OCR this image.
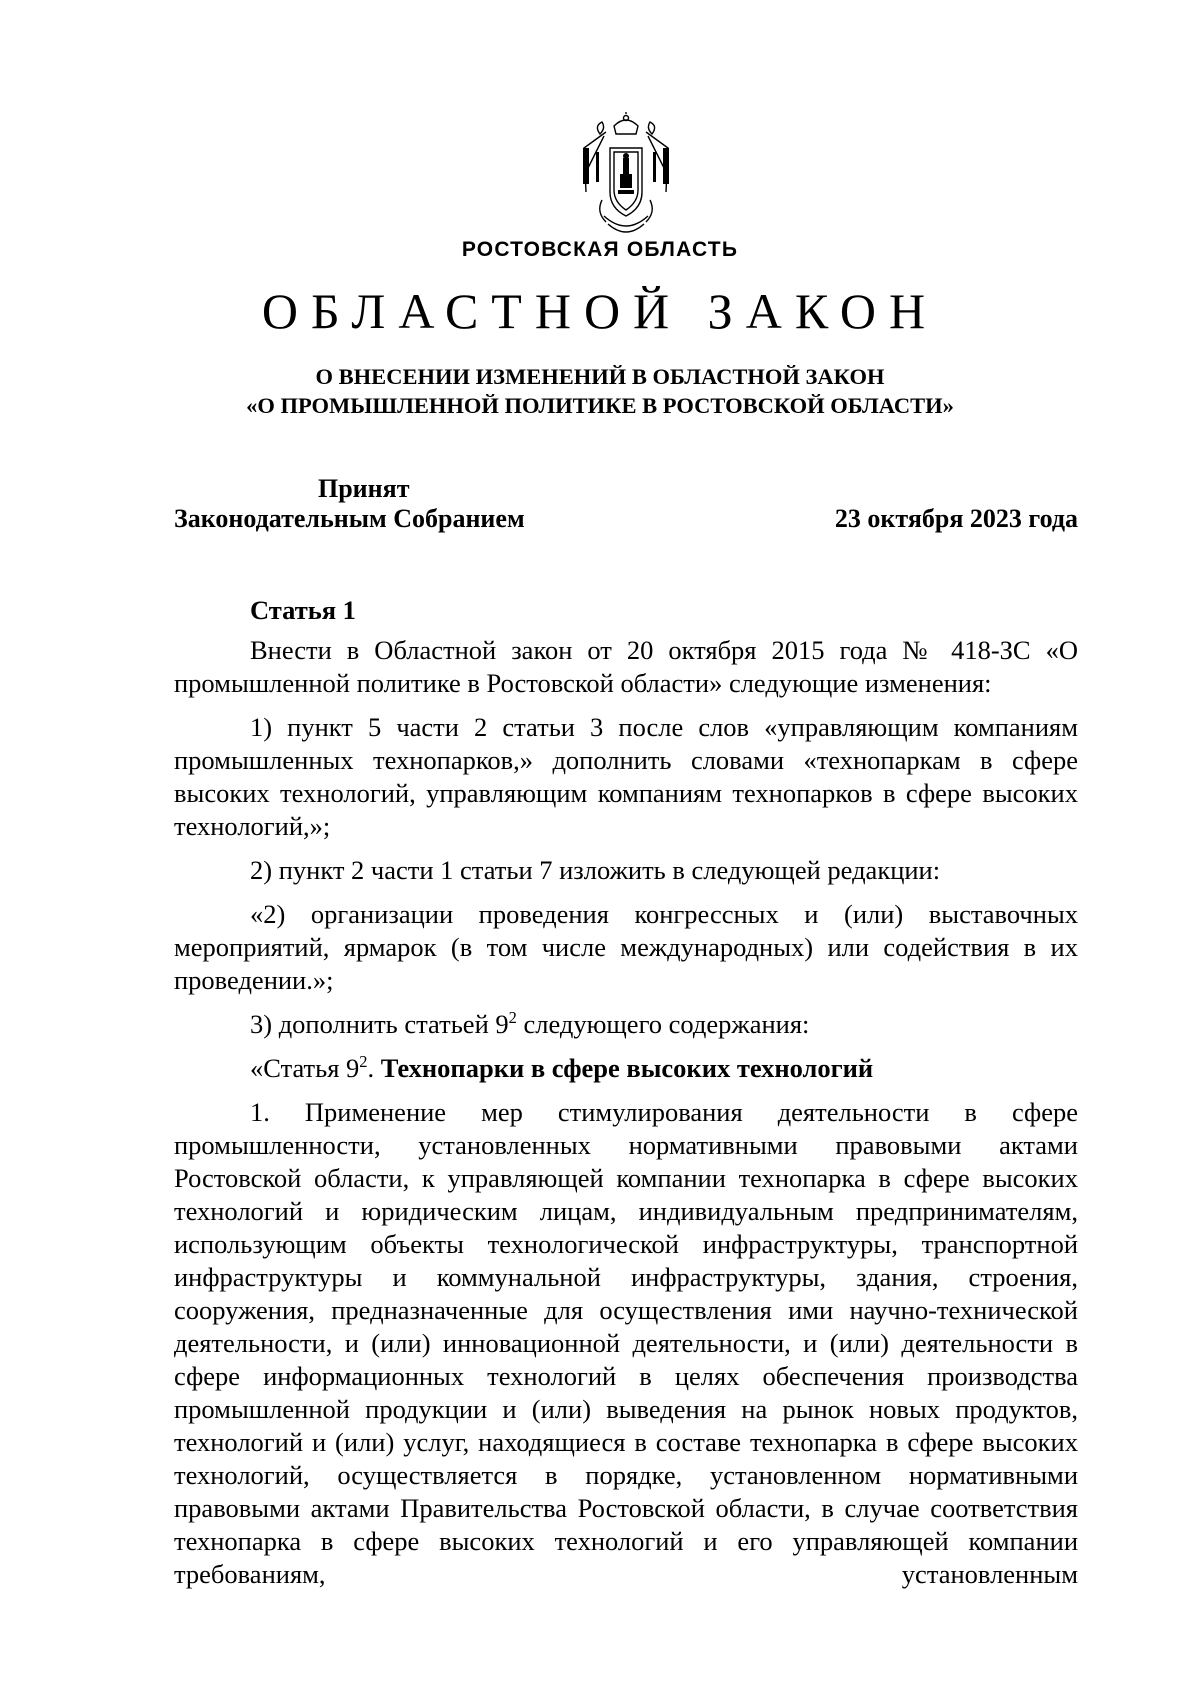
РОСТОВСКАЯ ОБЛАСТЬ
ОБЛАСТНОЙ ЗАКОН
О ВНЕСЕНИИ ИЗМЕНЕНИЙ В ОБЛАСТНОЙ ЗАКОН
«О ПРОМЫШЛЕННОЙ ПОЛИТИКЕ В РОСТОВСКОЙ ОБЛАСТИ»
Принят
Законодательным Собранием	23 октября 2023 года

Статья 1

Внести в Областной закон от 20 октября 2015 года № 418-ЗС «О промышленной политике в Ростовской области» следующие изменения:

1) пункт 5 части 2 статьи 3 после слов «управляющим компаниям промышленных технопарков,» дополнить словами «технопаркам в сфере высоких технологий, управляющим компаниям технопарков в сфере высоких технологий,»;

2) пункт 2 части 1 статьи 7 изложить в следующей редакции:

«2) организации проведения конгрессных и (или) выставочных мероприятий, ярмарок (в том числе международных) или содействия в их проведении.»;

3) дополнить статьей $9^2$ следующего содержания:

«Статья $9^2$. Технопарки в сфере высоких технологий

1. Применение мер стимулирования деятельности в сфере промышленности, установленных нормативными правовыми актами Ростовской области, к управляющей компании технопарка в сфере высоких технологий и юридическим лицам, индивидуальным предпринимателям, использующим объекты технологической инфраструктуры, транспортной инфраструктуры и коммунальной инфраструктуры, здания, строения, сооружения, предназначенные для осуществления ими научно-технической деятельности, и (или) инновационной деятельности, и (или) деятельности в сфере информационных технологий в целях обеспечения производства промышленной продукции и (или) выведения на рынок новых продуктов, технологий и (или) услуг, находящиеся в составе технопарка в сфере высоких технологий, осуществляется в порядке, установленном нормативными правовыми актами Правительства Ростовской области, в случае соответствия технопарка в сфере высоких технологий и его управляющей компании требованиям, установленным
